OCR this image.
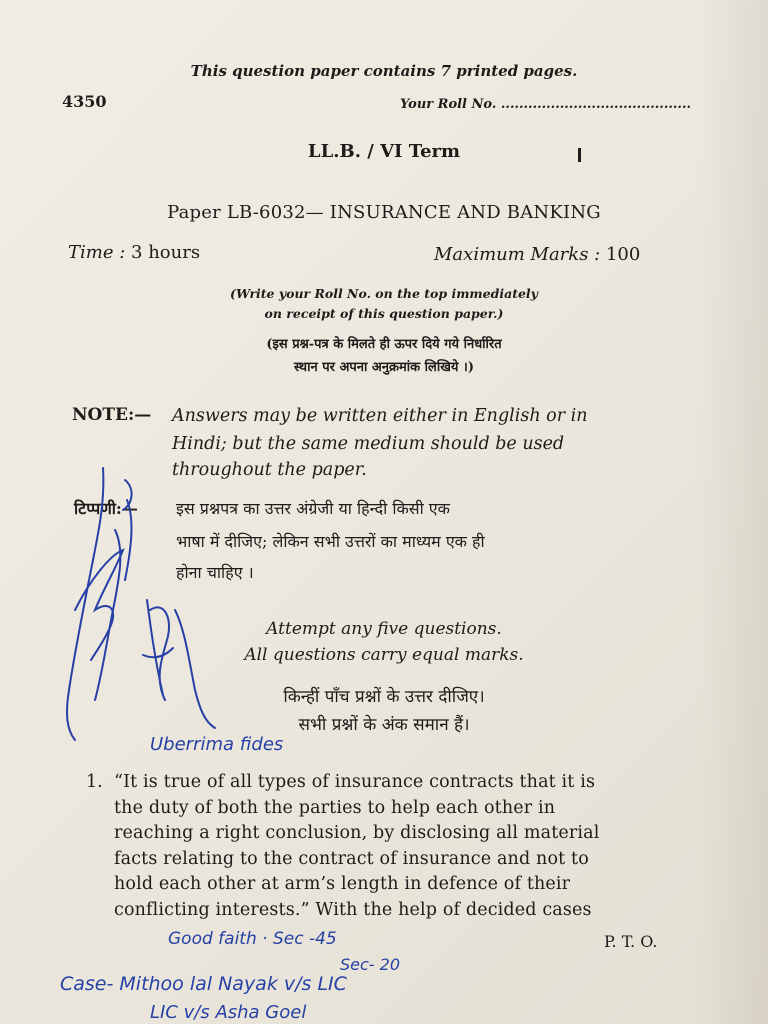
This question paper contains 7 printed pages.
4350	Your Roll No. ..........................................
LL.B. / VI Term
Paper LB-6032— INSURANCE AND BANKING
Time : 3 hours	Maximum Marks : 100
(Write your Roll No. on the top immediately
on receipt of this question paper.)
(इस प्रश्न-पत्र के मिलते ही ऊपर दिये गये निर्धारित
स्थान पर अपना अनुक्रमांक लिखिये ।)
NOTE:— Answers may be written either in English or in
Hindi; but the same medium should be used
throughout the paper.
टिप्पणी:— इस प्रश्नपत्र का उत्तर अंग्रेजी या हिन्दी किसी एक
भाषा में दीजिए; लेकिन सभी उत्तरों का माध्यम एक ही
होना चाहिए ।
Attempt any five questions.
All questions carry equal marks.
किन्हीं पाँच प्रश्नों के उत्तर दीजिए।
सभी प्रश्नों के अंक समान हैं।
1. “It is true of all types of insurance contracts that it is
the duty of both the parties to help each other in
reaching a right conclusion, by disclosing all material
facts relating to the contract of insurance and not to
hold each other at arm’s length in defence of their
conflicting interests.” With the help of decided cases
P. T. O.
Uberrima fides
Good faith · Sec -45
Sec- 20
Case- Mithoo lal Nayak v/s LIC
LIC v/s Asha Goel
